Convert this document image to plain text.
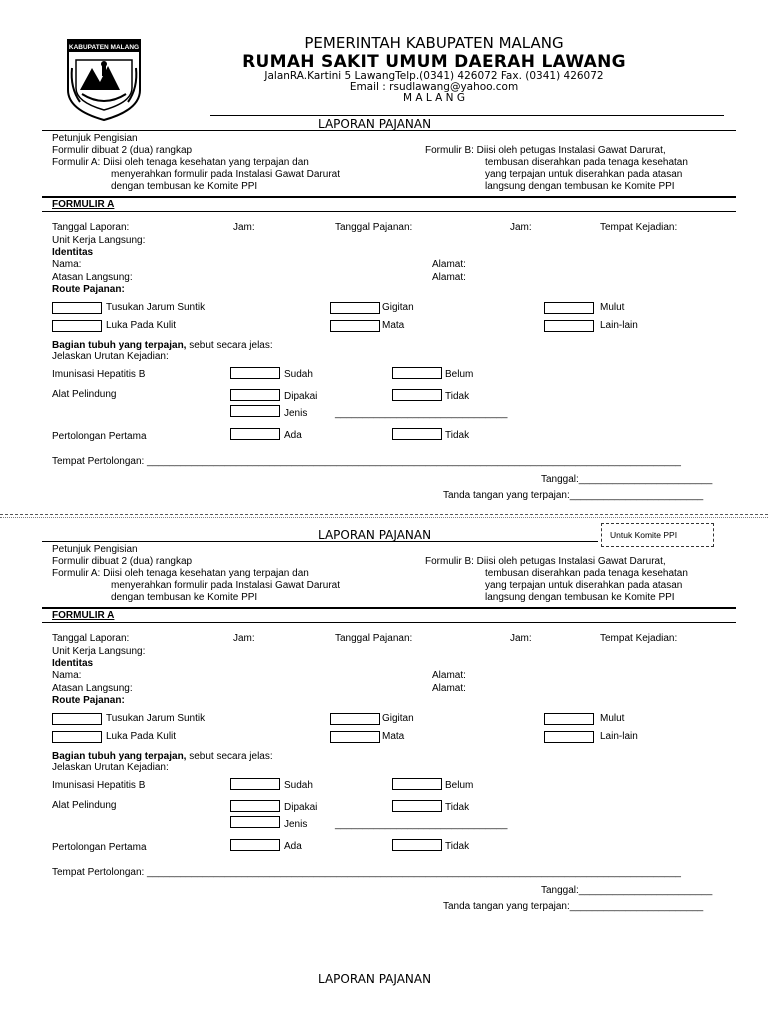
KABUPATEN MALANG	PEMERINTAH KABUPATEN MALANG
RUMAH SAKIT UMUM DAERAH LAWANG
JalanRA.Kartini 5 LawangTelp.(0341) 426072 Fax. (0341) 426072
Email : rsudlawang@yahoo.com
M A L A N G
LAPORAN PAJANAN
Petunjuk Pengisian
Formulir dibuat 2 (dua) rangkap
Formulir A: Diisi oleh tenaga kesehatan yang terpajan dan
menyerahkan formulir pada Instalasi Gawat Darurat
dengan tembusan ke Komite PPI
Formulir B: Diisi oleh petugas Instalasi Gawat Darurat,
tembusan diserahkan pada tenaga kesehatan
yang terpajan untuk diserahkan pada atasan
langsung dengan tembusan ke Komite PPI
FORMULIR A
Tanggal Laporan:	Jam:	Tanggal Pajanan:	Jam:	Tempat Kejadian:
Unit Kerja Langsung:
Identitas
Nama:	Alamat:
Atasan Langsung:	Alamat:
Route Pajanan:
Tusukan Jarum Suntik	Gigitan	Mulut
Luka Pada Kulit	Mata	Lain-lain
Bagian tubuh yang terpajan, sebut secara jelas:
Jelaskan Urutan Kejadian:
Imunisasi Hepatitis B	Sudah	Belum
Alat Pelindung	Dipakai	Tidak
Jenis	_______________________________
Pertolongan Pertama	Ada	Tidak
Tempat Pertolongan: ________________________________________________________________________________________________
Tanggal:________________________
Tanda tangan yang terpajan:________________________
Untuk Komite PPI
LAPORAN PAJANAN
Petunjuk Pengisian
Formulir dibuat 2 (dua) rangkap
Formulir A: Diisi oleh tenaga kesehatan yang terpajan dan
menyerahkan formulir pada Instalasi Gawat Darurat
dengan tembusan ke Komite PPI
Formulir B: Diisi oleh petugas Instalasi Gawat Darurat,
tembusan diserahkan pada tenaga kesehatan
yang terpajan untuk diserahkan pada atasan
langsung dengan tembusan ke Komite PPI
FORMULIR A
Tanggal Laporan:	Jam:	Tanggal Pajanan:	Jam:	Tempat Kejadian:
Unit Kerja Langsung:
Identitas
Nama:	Alamat:
Atasan Langsung:	Alamat:
Route Pajanan:
Tusukan Jarum Suntik	Gigitan	Mulut
Luka Pada Kulit	Mata	Lain-lain
Bagian tubuh yang terpajan, sebut secara jelas:
Jelaskan Urutan Kejadian:
Imunisasi Hepatitis B	Sudah	Belum
Alat Pelindung	Dipakai	Tidak
Jenis	_______________________________
Pertolongan Pertama	Ada	Tidak
Tempat Pertolongan: ________________________________________________________________________________________________
Tanggal:________________________
Tanda tangan yang terpajan:________________________
LAPORAN PAJANAN
